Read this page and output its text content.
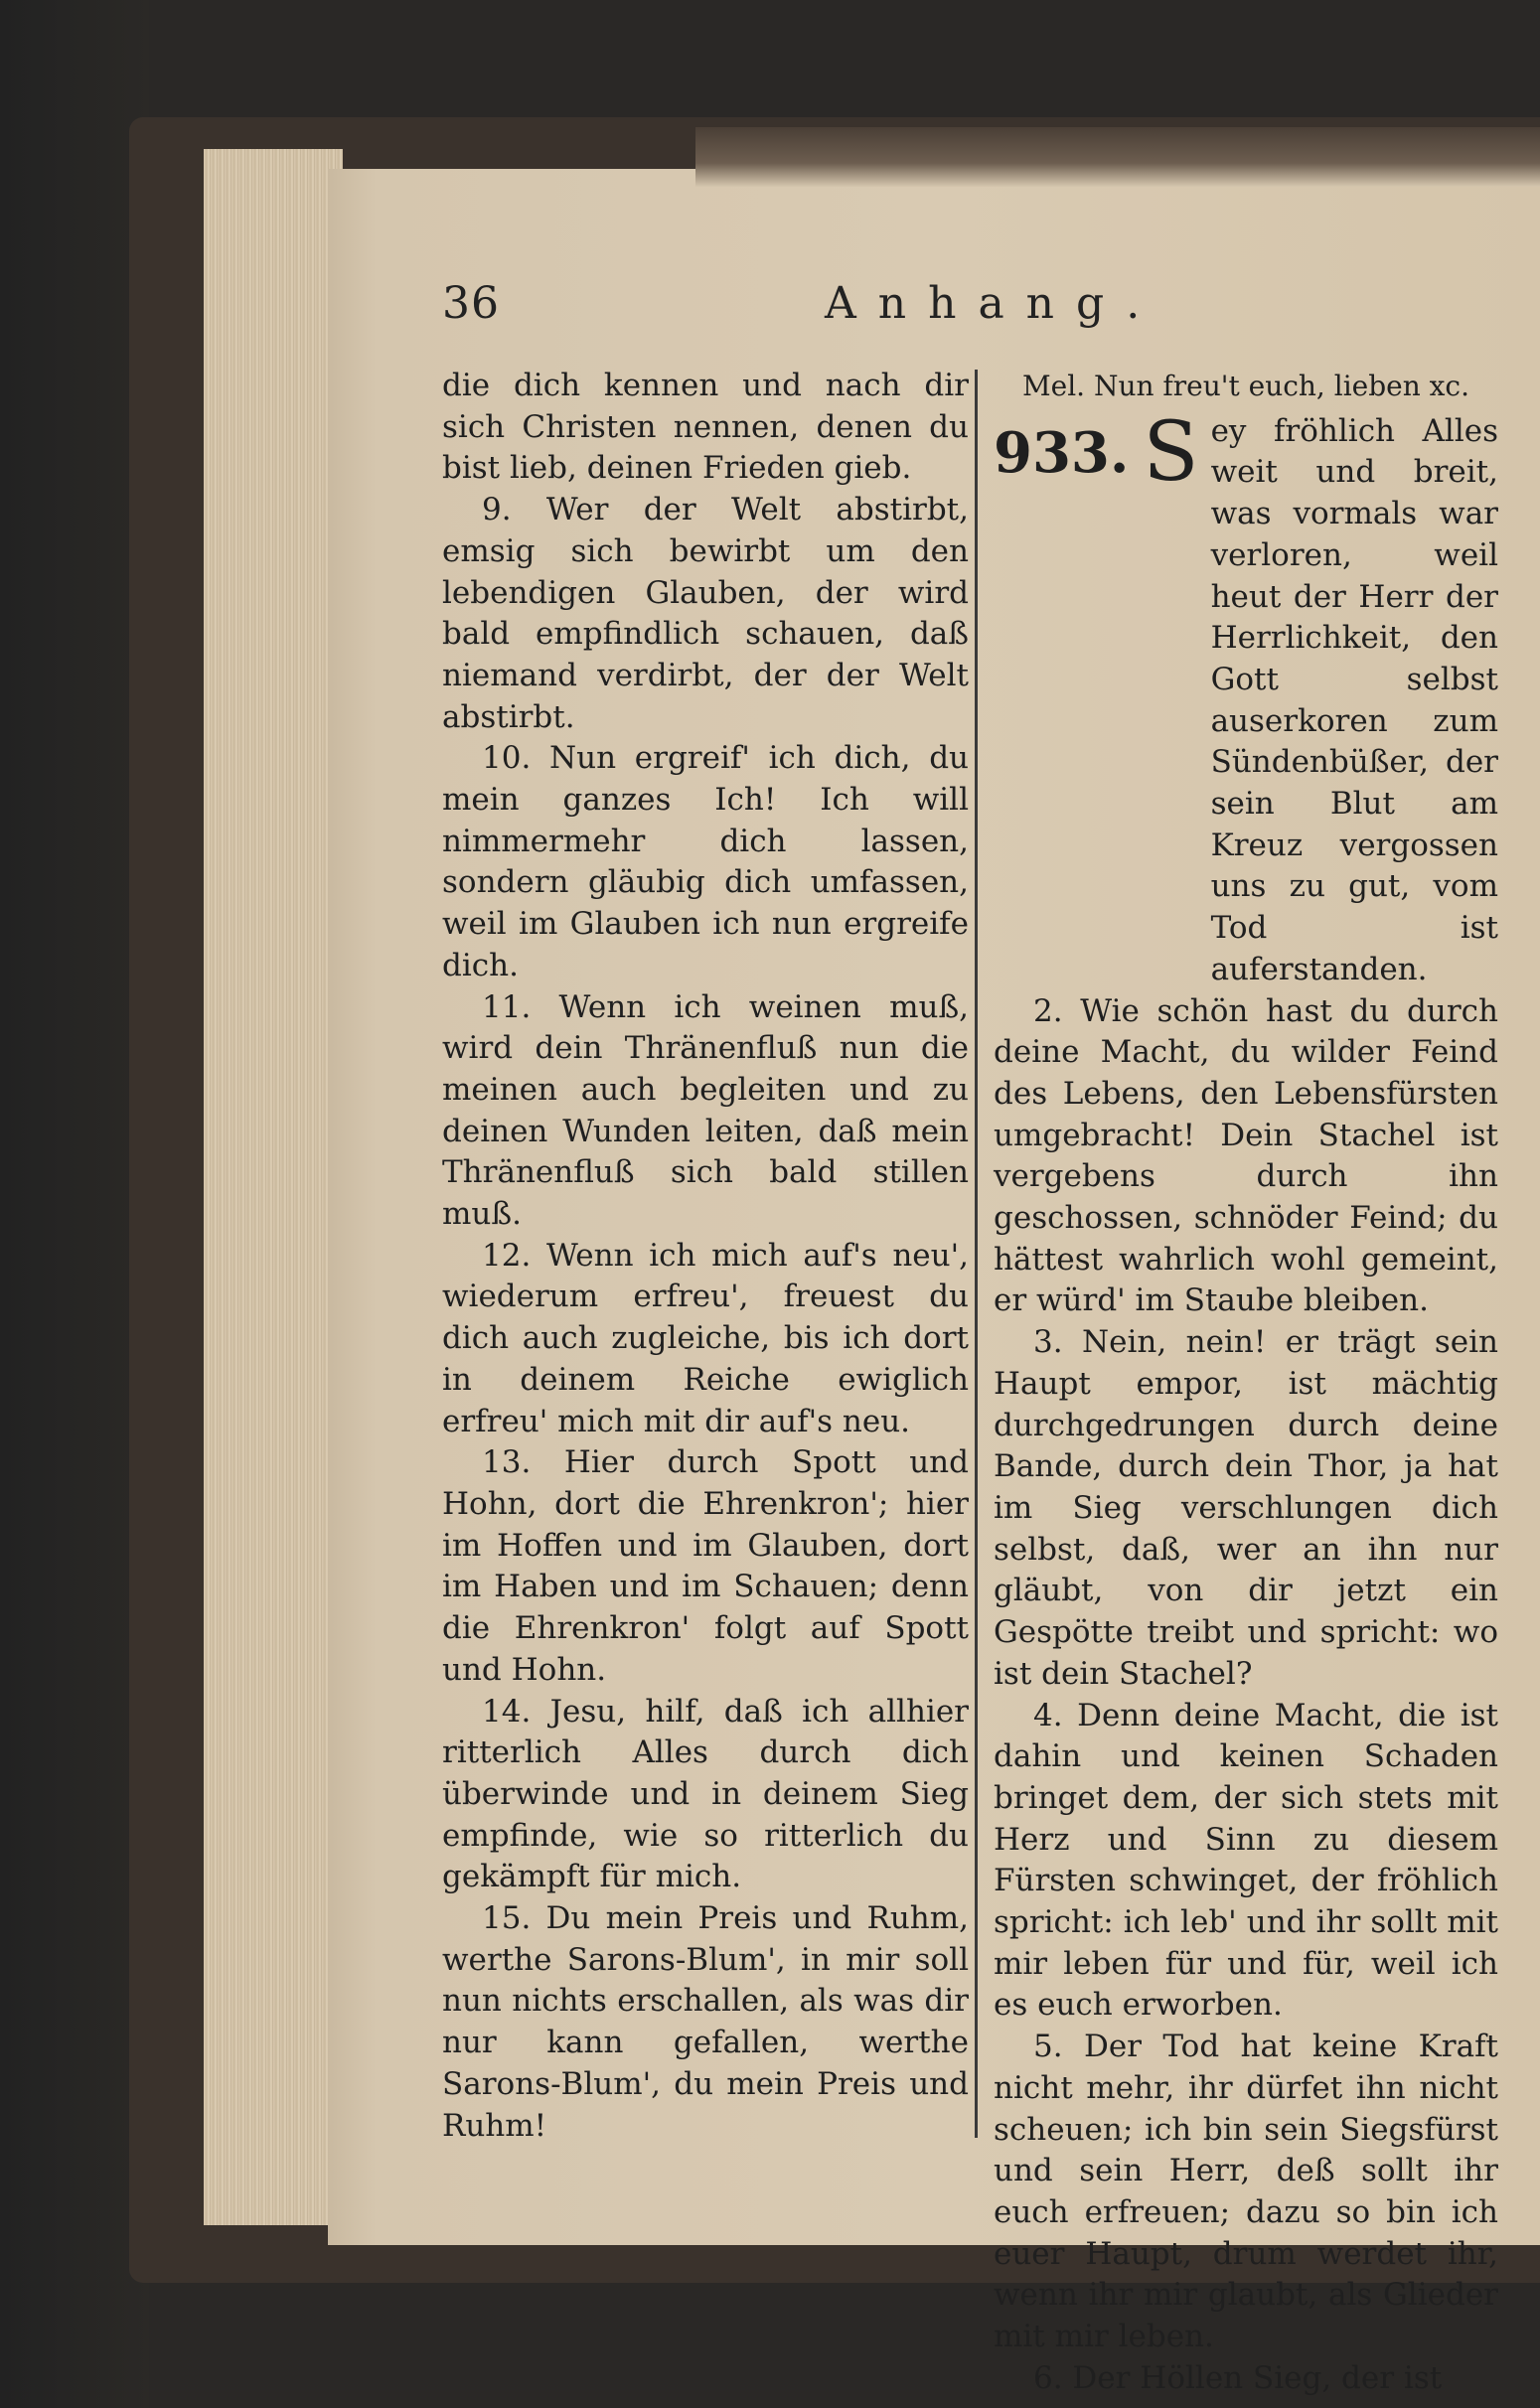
36	Anhang.

die dich kennen und nach dir sich Christen nennen, denen du bist lieb, deinen Frieden gieb.

9. Wer der Welt abstirbt, emsig sich bewirbt um den lebendigen Glauben, der wird bald empfindlich schauen, daß niemand verdirbt, der der Welt abstirbt.

10. Nun ergreif' ich dich, du mein ganzes Ich! Ich will nimmermehr dich lassen, sondern gläubig dich umfassen, weil im Glauben ich nun ergreife dich.

11. Wenn ich weinen muß, wird dein Thränenfluß nun die meinen auch begleiten und zu deinen Wunden leiten, daß mein Thränenfluß sich bald stillen muß.

12. Wenn ich mich auf's neu', wiederum erfreu', freuest du dich auch zugleiche, bis ich dort in deinem Reiche ewiglich erfreu' mich mit dir auf's neu.

13. Hier durch Spott und Hohn, dort die Ehrenkron'; hier im Hoffen und im Glauben, dort im Haben und im Schauen; denn die Ehrenkron' folgt auf Spott und Hohn.

14. Jesu, hilf, daß ich allhier ritterlich Alles durch dich überwinde und in deinem Sieg empfinde, wie so ritterlich du gekämpft für mich.

15. Du mein Preis und Ruhm, werthe Sarons-Blum', in mir soll nun nichts erschallen, als was dir nur kann gefallen, werthe Sarons-Blum', du mein Preis und Ruhm!

Mel. Nun freu't euch, lieben xc.

933. S ey fröhlich Alles weit und breit, was vormals war verloren, weil heut der Herr der Herrlichkeit, den Gott selbst auserkoren zum Sündenbüßer, der sein Blut am Kreuz vergossen uns zu gut, vom Tod ist auferstanden.

2. Wie schön hast du durch deine Macht, du wilder Feind des Lebens, den Lebensfürsten umgebracht! Dein Stachel ist vergebens durch ihn geschossen, schnöder Feind; du hättest wahrlich wohl gemeint, er würd' im Staube bleiben.

3. Nein, nein! er trägt sein Haupt empor, ist mächtig durchgedrungen durch deine Bande, durch dein Thor, ja hat im Sieg verschlungen dich selbst, daß, wer an ihn nur gläubt, von dir jetzt ein Gespötte treibt und spricht: wo ist dein Stachel?

4. Denn deine Macht, die ist dahin und keinen Schaden bringet dem, der sich stets mit Herz und Sinn zu diesem Fürsten schwinget, der fröhlich spricht: ich leb' und ihr sollt mit mir leben für und für, weil ich es euch erworben.

5. Der Tod hat keine Kraft nicht mehr, ihr dürfet ihn nicht scheuen; ich bin sein Siegsfürst und sein Herr, deß sollt ihr euch erfreuen; dazu so bin ich euer Haupt, drum werdet ihr, wenn ihr mir glaubt, als Glieder mit mir leben.

6. Der Höllen Sieg, der ist
